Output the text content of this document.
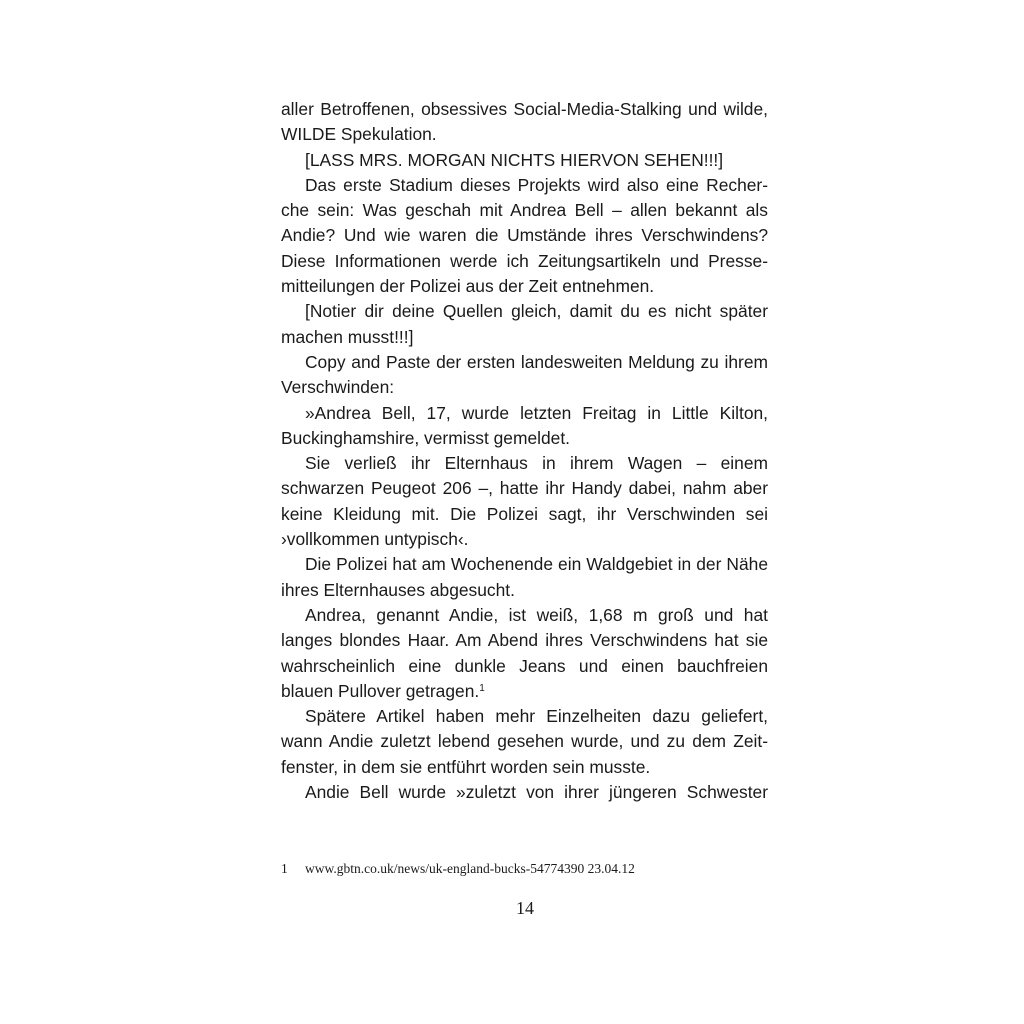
aller Betroffenen, obsessives Social-Media-Stalking und wilde, WILDE Spekulation.

[LASS MRS. MORGAN NICHTS HIERVON SEHEN!!!]

Das erste Stadium dieses Projekts wird also eine Recherche sein: Was geschah mit Andrea Bell – allen bekannt als Andie? Und wie waren die Umstände ihres Verschwindens? Diese Informationen werde ich Zeitungsartikeln und Pressemitteilungen der Polizei aus der Zeit entnehmen.

[Notier dir deine Quellen gleich, damit du es nicht später machen musst!!!]

Copy and Paste der ersten landesweiten Meldung zu ihrem Verschwinden:

»Andrea Bell, 17, wurde letzten Freitag in Little Kilton, Buckinghamshire, vermisst gemeldet.

Sie verließ ihr Elternhaus in ihrem Wagen – einem schwarzen Peugeot 206 –, hatte ihr Handy dabei, nahm aber keine Kleidung mit. Die Polizei sagt, ihr Verschwinden sei ›vollkommen untypisch‹.

Die Polizei hat am Wochenende ein Waldgebiet in der Nähe ihres Elternhauses abgesucht.

Andrea, genannt Andie, ist weiß, 1,68 m groß und hat langes blondes Haar. Am Abend ihres Verschwindens hat sie wahrscheinlich eine dunkle Jeans und einen bauchfreien blauen Pullover getragen.$^1$

Spätere Artikel haben mehr Einzelheiten dazu geliefert, wann Andie zuletzt lebend gesehen wurde, und zu dem Zeitfenster, in dem sie entführt worden sein musste.

Andie Bell wurde »zuletzt von ihrer jüngeren Schwester

1 www.gbtn.co.uk/news/uk-england-bucks-54774390 23.04.12
14
